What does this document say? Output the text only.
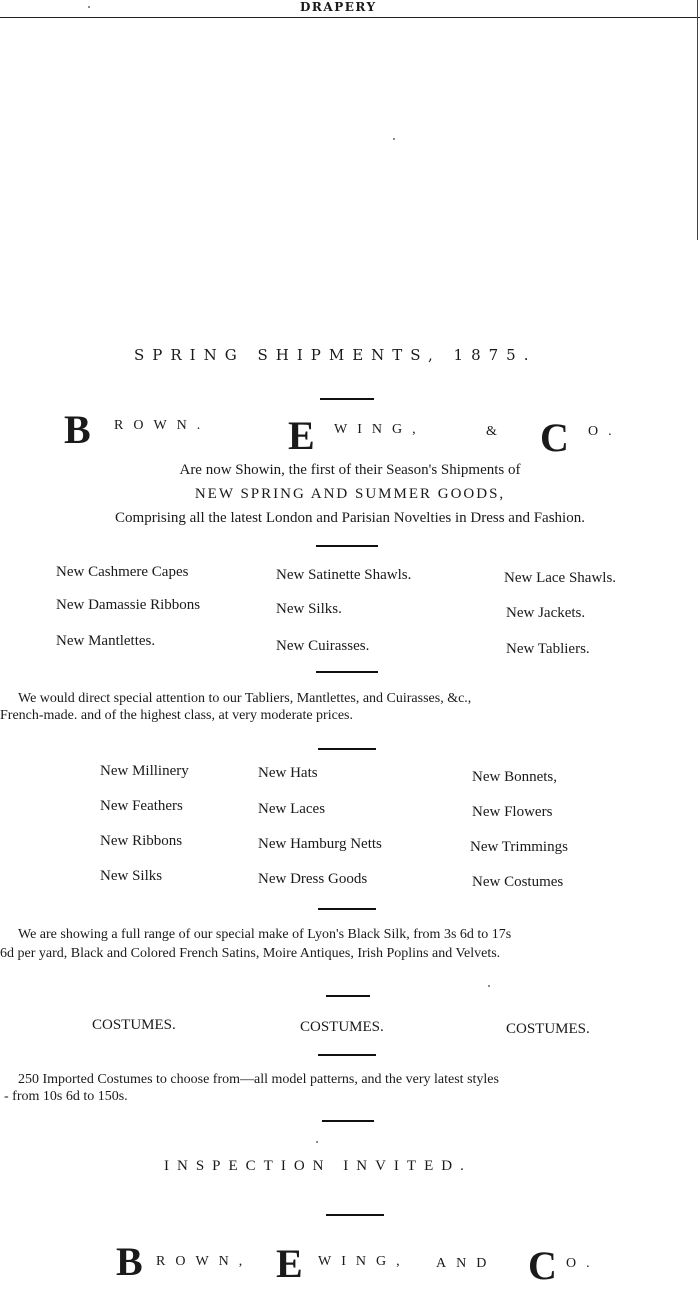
DRAPERY
SPRING SHIPMENTS, 1875.
B ROWN. E WING,	& C O.
Are now Showin, the first of their Season's Shipments of
NEW SPRING AND SUMMER GOODS,
Comprising all the latest London and Parisian Novelties in Dress and Fashion.
New Cashmere Capes	New Satinette Shawls.	New Lace Shawls.
New Damassie Ribbons	New Silks.	New Jackets.
New Mantlettes.	New Cuirasses.	New Tabliers.
We would direct special attention to our Tabliers, Mantlettes, and Cuirasses, &c.,
French-made. and of the highest class, at very moderate prices.
New Millinery	New Hats	New Bonnets,
New Feathers	New Laces	New Flowers
New Ribbons	New Hamburg Netts	New Trimmings
New Silks	New Dress Goods	New Costumes
We are showing a full range of our special make of Lyon's Black Silk, from 3s 6d to 17s
6d per yard, Black and Colored French Satins, Moire Antiques, Irish Poplins and Velvets.
COSTUMES.	COSTUMES.	COSTUMES.
250 Imported Costumes to choose from—all model patterns, and the very latest styles
- from 10s 6d to 150s.
INSPECTION INVITED.
B ROWN, E WING, AND C O.
